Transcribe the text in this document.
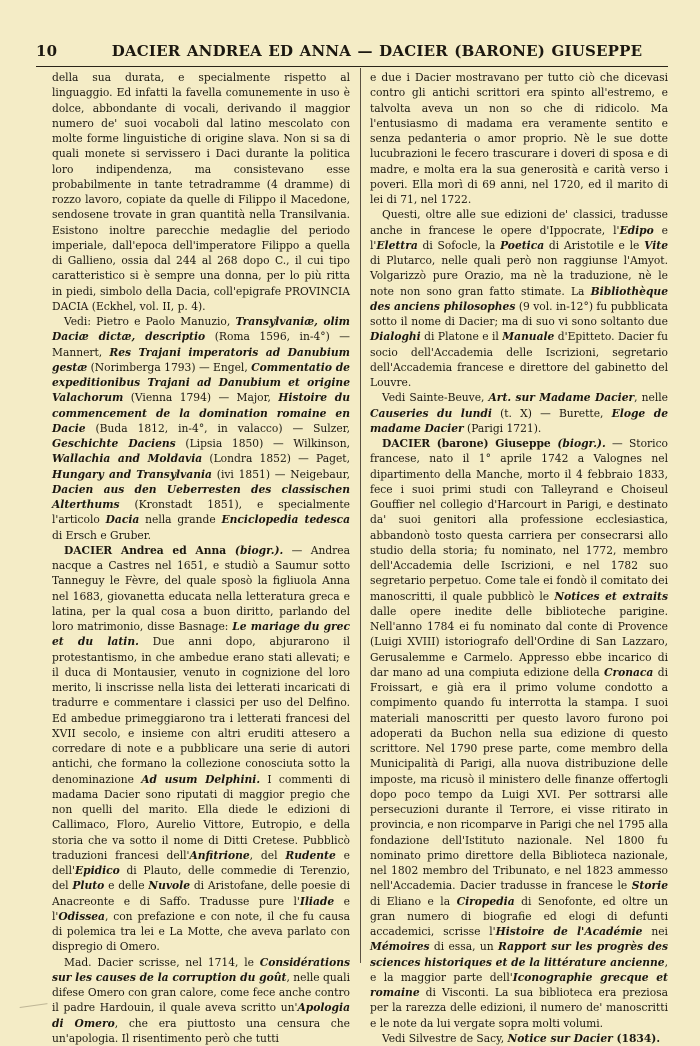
10	DACIER ANDREA ED ANNA — DACIER (BARONE) GIUSEPPE

della sua durata, e specialmente rispetto al linguaggio. Ed infatti la favella comunemente in uso è dolce, abbondante di vocali, derivando il maggior numero de' suoi vocaboli dal latino mescolato con molte forme linguistiche di origine slava. Non si sa di quali monete si servissero i Daci durante la politica loro indipendenza, ma consistevano esse probabilmente in tante tetradramme (4 dramme) di rozzo lavoro, copiate da quelle di Filippo il Macedone, sendosene trovate in gran quantità nella Transilvania. Esistono inoltre parecchie medaglie del periodo imperiale, dall'epoca dell'imperatore Filippo a quella di Gallieno, ossia dal 244 al 268 dopo C., il cui tipo caratteristico si è sempre una donna, per lo più ritta in piedi, simbolo della Dacia, coll'epigrafe PROVINCIA DACIA (Eckhel, vol. II, p. 4).

Vedi: Pietro e Paolo Manuzio, Transylvaniæ, olim Daciæ dictæ, descriptio (Roma 1596, in-4°) — Mannert, Res Trajani imperatoris ad Danubium gestæ (Norimberga 1793) — Engel, Commentatio de expeditionibus Trajani ad Danubium et origine Valachorum (Vienna 1794) — Major, Histoire du commencement de la domination romaine en Dacie (Buda 1812, in-4°, in valacco) — Sulzer, Geschichte Daciens (Lipsia 1850) — Wilkinson, Wallachia and Moldavia (Londra 1852) — Paget, Hungary and Transylvania (ivi 1851) — Neigebaur, Dacien aus den Ueberresten des classischen Alterthums (Kronstadt 1851), e specialmente l'articolo Dacia nella grande Enciclopedia tedesca di Ersch e Gruber.

DACIER Andrea ed Anna (biogr.). — Andrea nacque a Castres nel 1651, e studiò a Saumur sotto Tanneguy le Fèvre, del quale sposò la figliuola Anna nel 1683, giovanetta educata nella letteratura greca e latina, per la qual cosa a buon diritto, parlando del loro matrimonio, disse Basnage: Le mariage du grec et du latin. Due anni dopo, abjurarono il protestantismo, in che ambedue erano stati allevati; e il duca di Montausier, venuto in cognizione del loro merito, li inscrisse nella lista dei letterati incaricati di tradurre e commentare i classici per uso del Delfino. Ed ambedue primeggiarono tra i letterati francesi del XVII secolo, e insieme con altri eruditi attesero a corredare di note e a pubblicare una serie di autori antichi, che formano la collezione conosciuta sotto la denominazione Ad usum Delphini. I commenti di madama Dacier sono riputati di maggior pregio che non quelli del marito. Ella diede le edizioni di Callimaco, Floro, Aurelio Vittore, Eutropio, e della storia che va sotto il nome di Ditti Cretese. Pubblicò traduzioni francesi dell'Anfitrione, del Rudente e dell'Epidico di Plauto, delle commedie di Terenzio, del Pluto e delle Nuvole di Aristofane, delle poesie di Anacreonte e di Saffo. Tradusse pure l'Iliade e l'Odissea, con prefazione e con note, il che fu causa di polemica tra lei e La Motte, che aveva parlato con dispregio di Omero.

Mad. Dacier scrisse, nel 1714, le Considérations sur les causes de la corruption du goût, nelle quali difese Omero con gran calore, come fece anche contro il padre Hardouin, il quale aveva scritto un'Apologia di Omero, che era piuttosto una censura che un'apologia. Il risentimento però che tutti

e due i Dacier mostravano per tutto ciò che dicevasi contro gli antichi scrittori era spinto all'estremo, e talvolta aveva un non so che di ridicolo. Ma l'entusiasmo di madama era veramente sentito e senza pedanteria o amor proprio. Nè le sue dotte lucubrazioni le fecero trascurare i doveri di sposa e di madre, e molta era la sua generosità e carità verso i poveri. Ella morì di 69 anni, nel 1720, ed il marito di lei di 71, nel 1722.

Questi, oltre alle sue edizioni de' classici, tradusse anche in francese le opere d'Ippocrate, l'Edipo e l'Elettra di Sofocle, la Poetica di Aristotile e le Vite di Plutarco, nelle quali però non raggiunse l'Amyot. Volgarizzò pure Orazio, ma nè la traduzione, nè le note non sono gran fatto stimate. La Bibliothèque des anciens philosophes (9 vol. in-12°) fu pubblicata sotto il nome di Dacier; ma di suo vi sono soltanto due Dialoghi di Platone e il Manuale d'Epitteto. Dacier fu socio dell'Accademia delle Iscrizioni, segretario dell'Accademia francese e direttore del gabinetto del Louvre.

Vedi Sainte-Beuve, Art. sur Madame Dacier, nelle Causeries du lundi (t. X) — Burette, Eloge de madame Dacier (Parigi 1721).

DACIER (barone) Giuseppe (biogr.). — Storico francese, nato il 1° aprile 1742 a Valognes nel dipartimento della Manche, morto il 4 febbraio 1833, fece i suoi primi studi con Talleyrand e Choiseul Gouffier nel collegio d'Harcourt in Parigi, e destinato da' suoi genitori alla professione ecclesiastica, abbandonò tosto questa carriera per consecrarsi allo studio della storia; fu nominato, nel 1772, membro dell'Accademia delle Iscrizioni, e nel 1782 suo segretario perpetuo. Come tale ei fondò il comitato dei manoscritti, il quale pubblicò le Notices et extraits dalle opere inedite delle biblioteche parigine. Nell'anno 1784 ei fu nominato dal conte di Provence (Luigi XVIII) istoriografo dell'Ordine di San Lazzaro, Gerusalemme e Carmelo. Appresso ebbe incarico di dar mano ad una compiuta edizione della Cronaca di Froissart, e già era il primo volume condotto a compimento quando fu interrotta la stampa. I suoi materiali manoscritti per questo lavoro furono poi adoperati da Buchon nella sua edizione di questo scrittore. Nel 1790 prese parte, come membro della Municipalità di Parigi, alla nuova distribuzione delle imposte, ma ricusò il ministero delle finanze offertogli dopo poco tempo da Luigi XVI. Per sottrarsi alle persecuzioni durante il Terrore, ei visse ritirato in provincia, e non ricomparve in Parigi che nel 1795 alla fondazione dell'Istituto nazionale. Nel 1800 fu nominato primo direttore della Biblioteca nazionale, nel 1802 membro del Tribunato, e nel 1823 ammesso nell'Accademia. Dacier tradusse in francese le Storie di Eliano e la Ciropedia di Senofonte, ed oltre un gran numero di biografie ed elogi di defunti accademici, scrisse l'Histoire de l'Académie nei Mémoires di essa, un Rapport sur les progrès des sciences historiques et de la littérature ancienne, e la maggior parte dell'Iconographie grecque et romaine di Visconti. La sua biblioteca era preziosa per la rarezza delle edizioni, il numero de' manoscritti e le note da lui vergate sopra molti volumi.

Vedi Silvestre de Sacy, Notice sur Dacier (1834).
